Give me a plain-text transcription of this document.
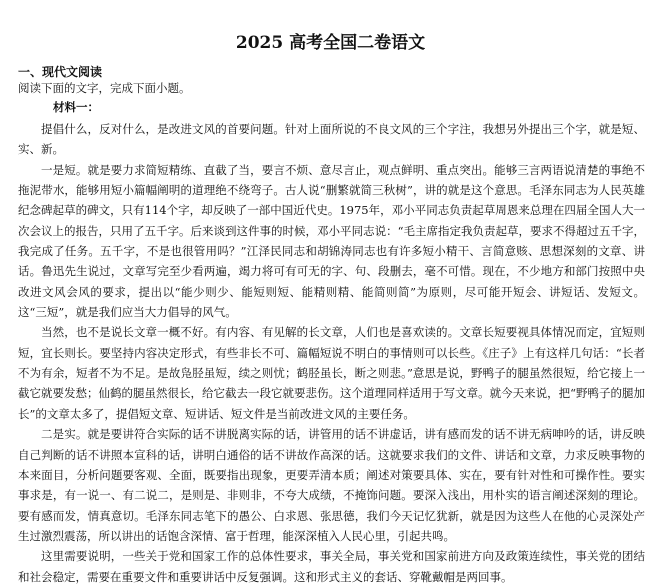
2025 高考全国二卷语文
一、现代文阅读
阅读下面的文字，完成下面小题。
材料一：

提倡什么，反对什么，是改进文风的首要问题。针对上面所说的不良文风的三个字注，我想另外提出三个字，就是短、实、新。

一是短。就是要力求简短精练、直截了当，要言不烦、意尽言止，观点鲜明、重点突出。能够三言两语说清楚的事绝不拖泥带水，能够用短小篇幅阐明的道理绝不绕弯子。古人说“删繁就简三秋树”，讲的就是这个意思。毛泽东同志为人民英雄纪念碑起草的碑文，只有114个字，却反映了一部中国近代史。1975年，邓小平同志负责起草周恩来总理在四届全国人大一次会议上的报告，只用了五千字。后来谈到这件事的时候，邓小平同志说：“毛主席指定我负责起草，要求不得超过五千字，我完成了任务。五千字，不是也很管用吗？”江泽民同志和胡锦涛同志也有许多短小精干、言简意赅、思想深刻的文章、讲话。鲁迅先生说过，文章写完至少看两遍，竭力将可有可无的字、句、段删去，毫不可惜。现在，不少地方和部门按照中央改进文风会风的要求，提出以“能少则少、能短则短、能精则精、能简则简”为原则，尽可能开短会、讲短话、发短文。这“三短”，就是我们应当大力倡导的风气。

当然，也不是说长文章一概不好。有内容、有见解的长文章，人们也是喜欢读的。文章长短要视具体情况而定，宜短则短，宜长则长。要坚持内容决定形式，有些非长不可、篇幅短说不明白的事情则可以长些。《庄子》上有这样几句话：“长者不为有余，短者不为不足。是故凫胫虽短，续之则忧；鹤胫虽长，断之则悲。”意思是说，野鸭子的腿虽然很短，给它接上一截它就要发愁；仙鹤的腿虽然很长，给它截去一段它就要悲伤。这个道理同样适用于写文章。就今天来说，把“野鸭子的腿加长”的文章太多了，提倡短文章、短讲话、短文件是当前改进文风的主要任务。

二是实。就是要讲符合实际的话不讲脱离实际的话，讲管用的话不讲虚话，讲有感而发的话不讲无病呻吟的话，讲反映自己判断的话不讲照本宣科的话，讲明白通俗的话不讲故作高深的话。这就要求我们的文件、讲话和文章，力求反映事物的本来面目，分析问题要客观、全面，既要指出现象，更要弄清本质；阐述对策要具体、实在，要有针对性和可操作性。要实事求是，有一说一、有二说二，是则是、非则非，不夸大成绩，不掩饰问题。要深入浅出，用朴实的语言阐述深刻的理论。要有感而发，情真意切。毛泽东同志笔下的愚公、白求恩、张思德，我们今天记忆犹新，就是因为这些人在他的心灵深处产生过激烈震荡，所以讲出的话饱含深情、富于哲理，能深深植入人民心里，引起共鸣。

这里需要说明，一些关于党和国家工作的总体性要求，事关全局，事关党和国家前进方向及政策连续性，事关党的团结和社会稳定，需要在重要文件和重要讲话中反复强调。这和形式主义的套话、穿靴戴帽是两回事。
